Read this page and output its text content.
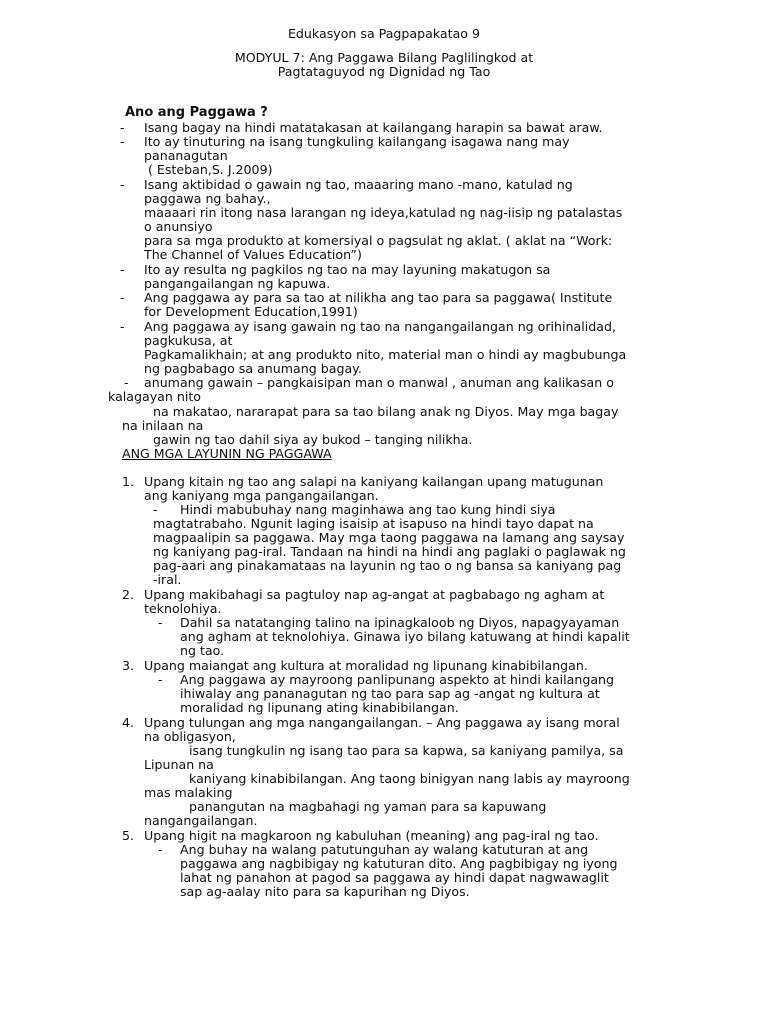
Edukasyon sa Pagpapakatao 9
MODYUL 7: Ang Paggawa Bilang Paglilingkod at
Pagtataguyod ng Dignidad ng Tao
Ano ang Paggawa ?
- Isang bagay na hindi matatakasan at kailangang harapin sa bawat araw.
- Ito ay tinuturing na isang tungkuling kailangang isagawa nang may
pananagutan
( Esteban,S. J.2009)
- Isang aktibidad o gawain ng tao, maaaring mano -mano, katulad ng
paggawa ng bahay.,
maaaari rin itong nasa larangan ng ideya,katulad ng nag-iisip ng patalastas
o anunsiyo
para sa mga produkto at komersiyal o pagsulat ng aklat. ( aklat na “Work:
The Channel of Values Education”)
- Ito ay resulta ng pagkilos ng tao na may layuning makatugon sa
pangangailangan ng kapuwa.
- Ang paggawa ay para sa tao at nilikha ang tao para sa paggawa( Institute
for Development Education,1991)
- Ang paggawa ay isang gawain ng tao na nangangailangan ng orihinalidad,
pagkukusa, at
Pagkamalikhain; at ang produkto nito, material man o hindi ay magbubunga
ng pagbabago sa anumang bagay.
- anumang gawain – pangkaisipan man o manwal , anuman ang kalikasan o
kalagayan nito
na makatao, nararapat para sa tao bilang anak ng Diyos. May mga bagay
na inilaan na
gawin ng tao dahil siya ay bukod – tanging nilikha.
ANG MGA LAYUNIN NG PAGGAWA
1. Upang kitain ng tao ang salapi na kaniyang kailangan upang matugunan
ang kaniyang mga pangangailangan.
- Hindi mabubuhay nang maginhawa ang tao kung hindi siya
magtatrabaho. Ngunit laging isaisip at isapuso na hindi tayo dapat na
magpaalipin sa paggawa. May mga taong paggawa na lamang ang saysay
ng kaniyang pag-iral. Tandaan na hindi na hindi ang paglaki o paglawak ng
pag-aari ang pinakamataas na layunin ng tao o ng bansa sa kaniyang pag
-iral.
2. Upang makibahagi sa pagtuloy nap ag-angat at pagbabago ng agham at
teknolohiya.
- Dahil sa natatanging talino na ipinagkaloob ng Diyos, napagyayaman
ang agham at teknolohiya. Ginawa iyo bilang katuwang at hindi kapalit
ng tao.
3. Upang maiangat ang kultura at moralidad ng lipunang kinabibilangan.
- Ang paggawa ay mayroong panlipunang aspekto at hindi kailangang
ihiwalay ang pananagutan ng tao para sap ag -angat ng kultura at
moralidad ng lipunang ating kinabibilangan.
4. Upang tulungan ang mga nangangailangan. – Ang paggawa ay isang moral
na obligasyon,
isang tungkulin ng isang tao para sa kapwa, sa kaniyang pamilya, sa
Lipunan na
kaniyang kinabibilangan. Ang taong binigyan nang labis ay mayroong
mas malaking
panangutan na magbahagi ng yaman para sa kapuwang
nangangailangan.
5. Upang higit na magkaroon ng kabuluhan (meaning) ang pag-iral ng tao.
- Ang buhay na walang patutunguhan ay walang katuturan at ang
paggawa ang nagbibigay ng katuturan dito. Ang pagbibigay ng iyong
lahat ng panahon at pagod sa paggawa ay hindi dapat nagwawaglit
sap ag-aalay nito para sa kapurihan ng Diyos.
